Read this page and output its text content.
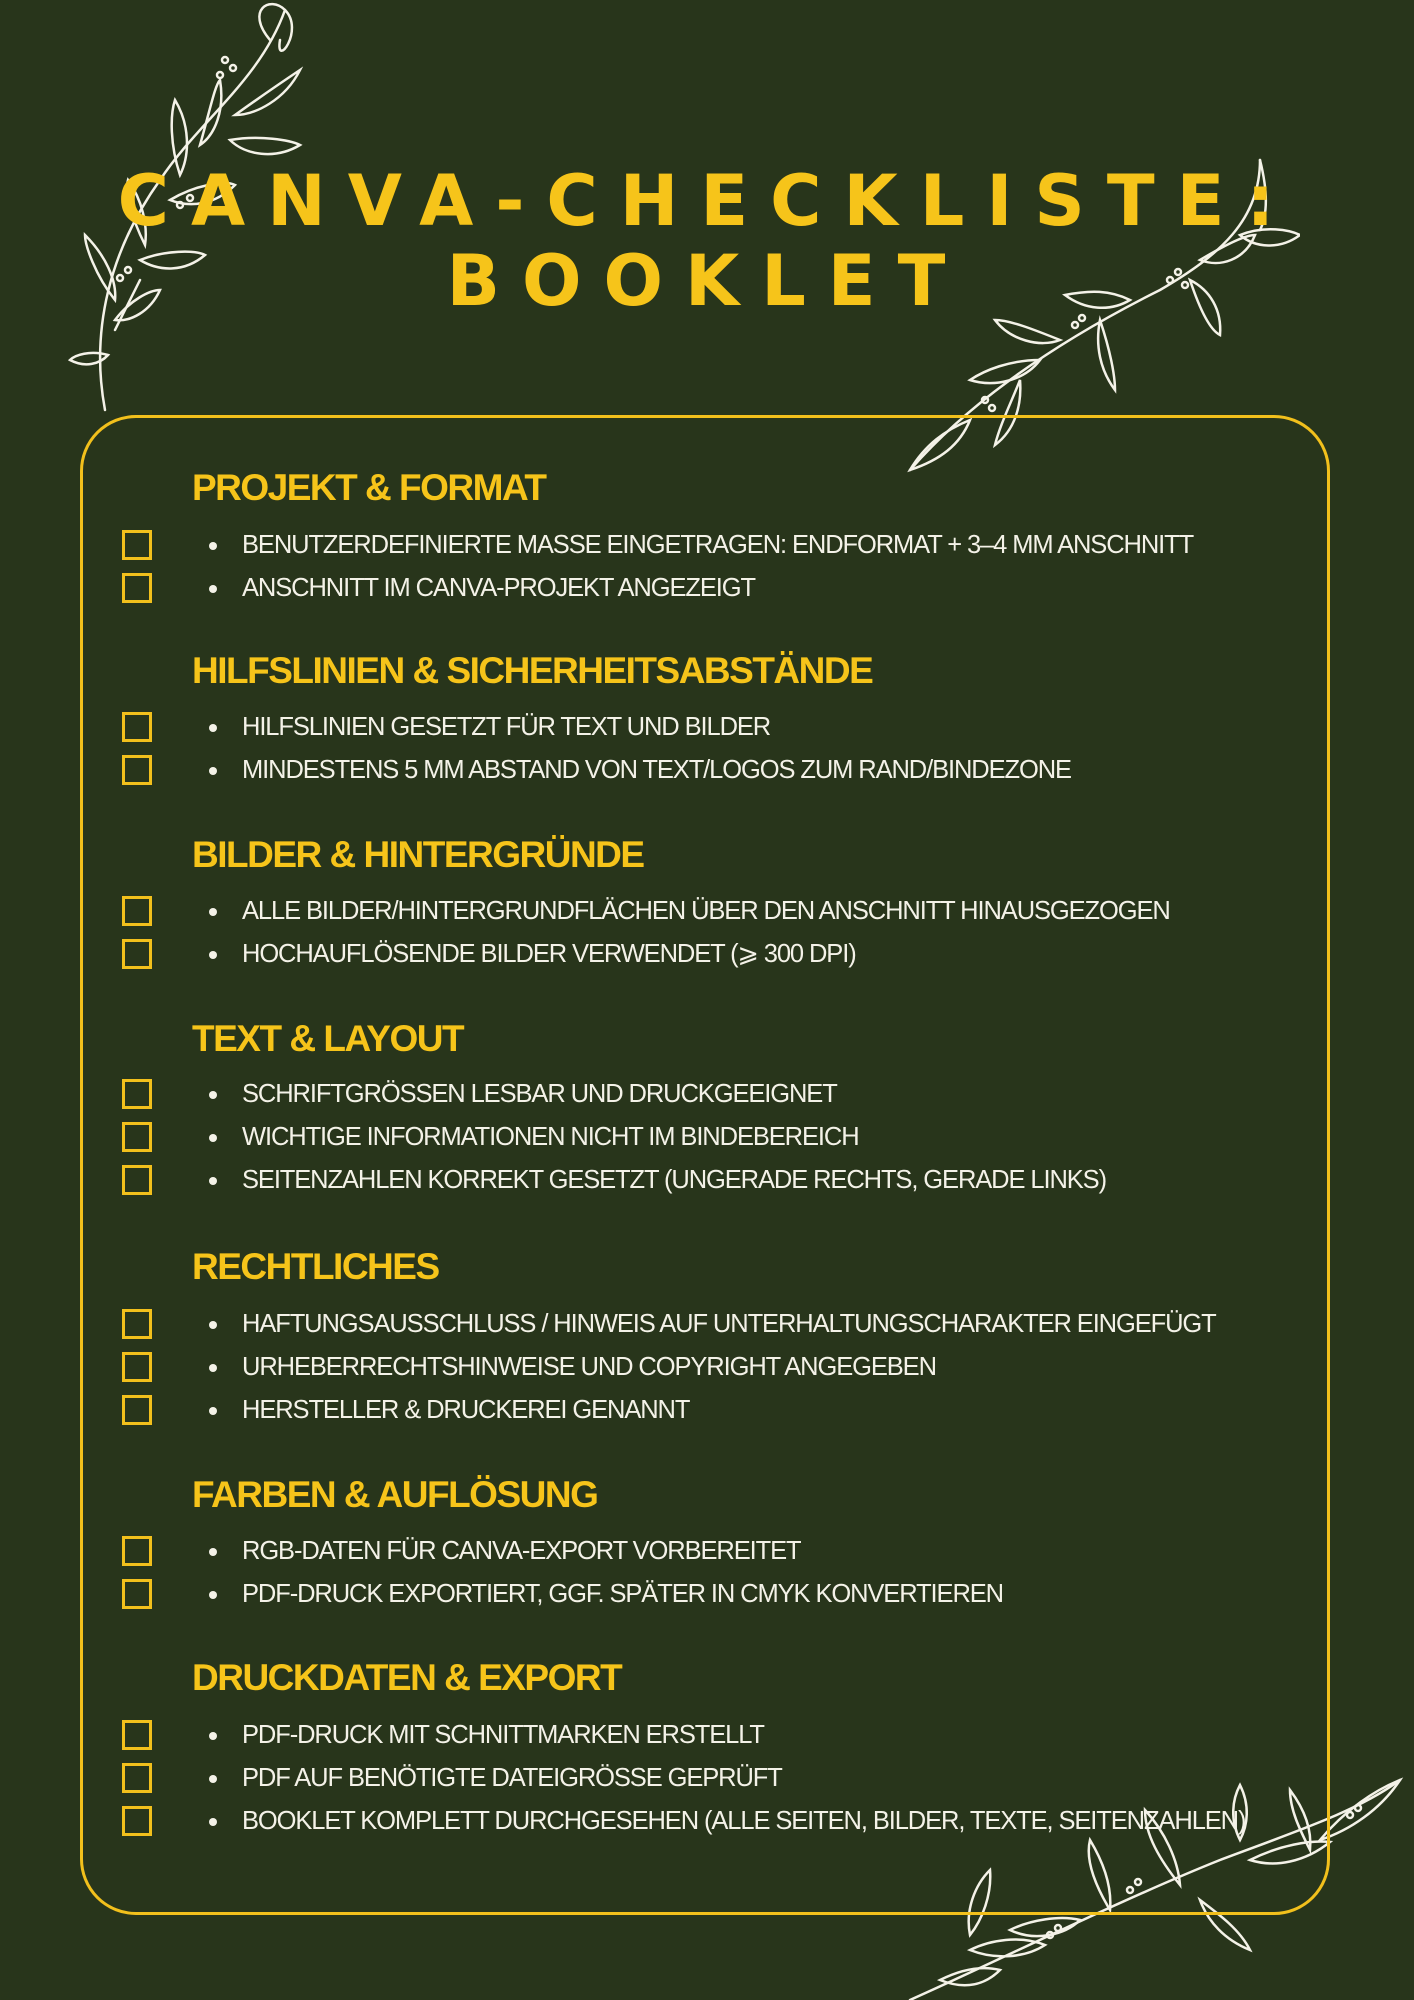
CANVA-CHECKLISTE:
BOOKLET
PROJEKT & FORMAT
BENUTZERDEFINIERTE MASSE EINGETRAGEN: ENDFORMAT + 3–4 MM ANSCHNITT
ANSCHNITT IM CANVA-PROJEKT ANGEZEIGT
HILFSLINIEN & SICHERHEITSABSTÄNDE
HILFSLINIEN GESETZT FÜR TEXT UND BILDER
MINDESTENS 5 MM ABSTAND VON TEXT/LOGOS ZUM RAND/BINDEZONE
BILDER & HINTERGRÜNDE
ALLE BILDER/HINTERGRUNDFLÄCHEN ÜBER DEN ANSCHNITT HINAUSGEZOGEN
HOCHAUFLÖSENDE BILDER VERWENDET (⩾ 300 DPI)
TEXT & LAYOUT
SCHRIFTGRÖSSEN LESBAR UND DRUCKGEEIGNET
WICHTIGE INFORMATIONEN NICHT IM BINDEBEREICH
SEITENZAHLEN KORREKT GESETZT (UNGERADE RECHTS, GERADE LINKS)
RECHTLICHES
HAFTUNGSAUSSCHLUSS / HINWEIS AUF UNTERHALTUNGSCHARAKTER EINGEFÜGT
URHEBERRECHTSHINWEISE UND COPYRIGHT ANGEGEBEN
HERSTELLER & DRUCKEREI GENANNT
FARBEN & AUFLÖSUNG
RGB-DATEN FÜR CANVA-EXPORT VORBEREITET
PDF-DRUCK EXPORTIERT, GGF. SPÄTER IN CMYK KONVERTIEREN
DRUCKDATEN & EXPORT
PDF-DRUCK MIT SCHNITTMARKEN ERSTELLT
PDF AUF BENÖTIGTE DATEIGRÖSSE GEPRÜFT
BOOKLET KOMPLETT DURCHGESEHEN (ALLE SEITEN, BILDER, TEXTE, SEITENZAHLEN)
